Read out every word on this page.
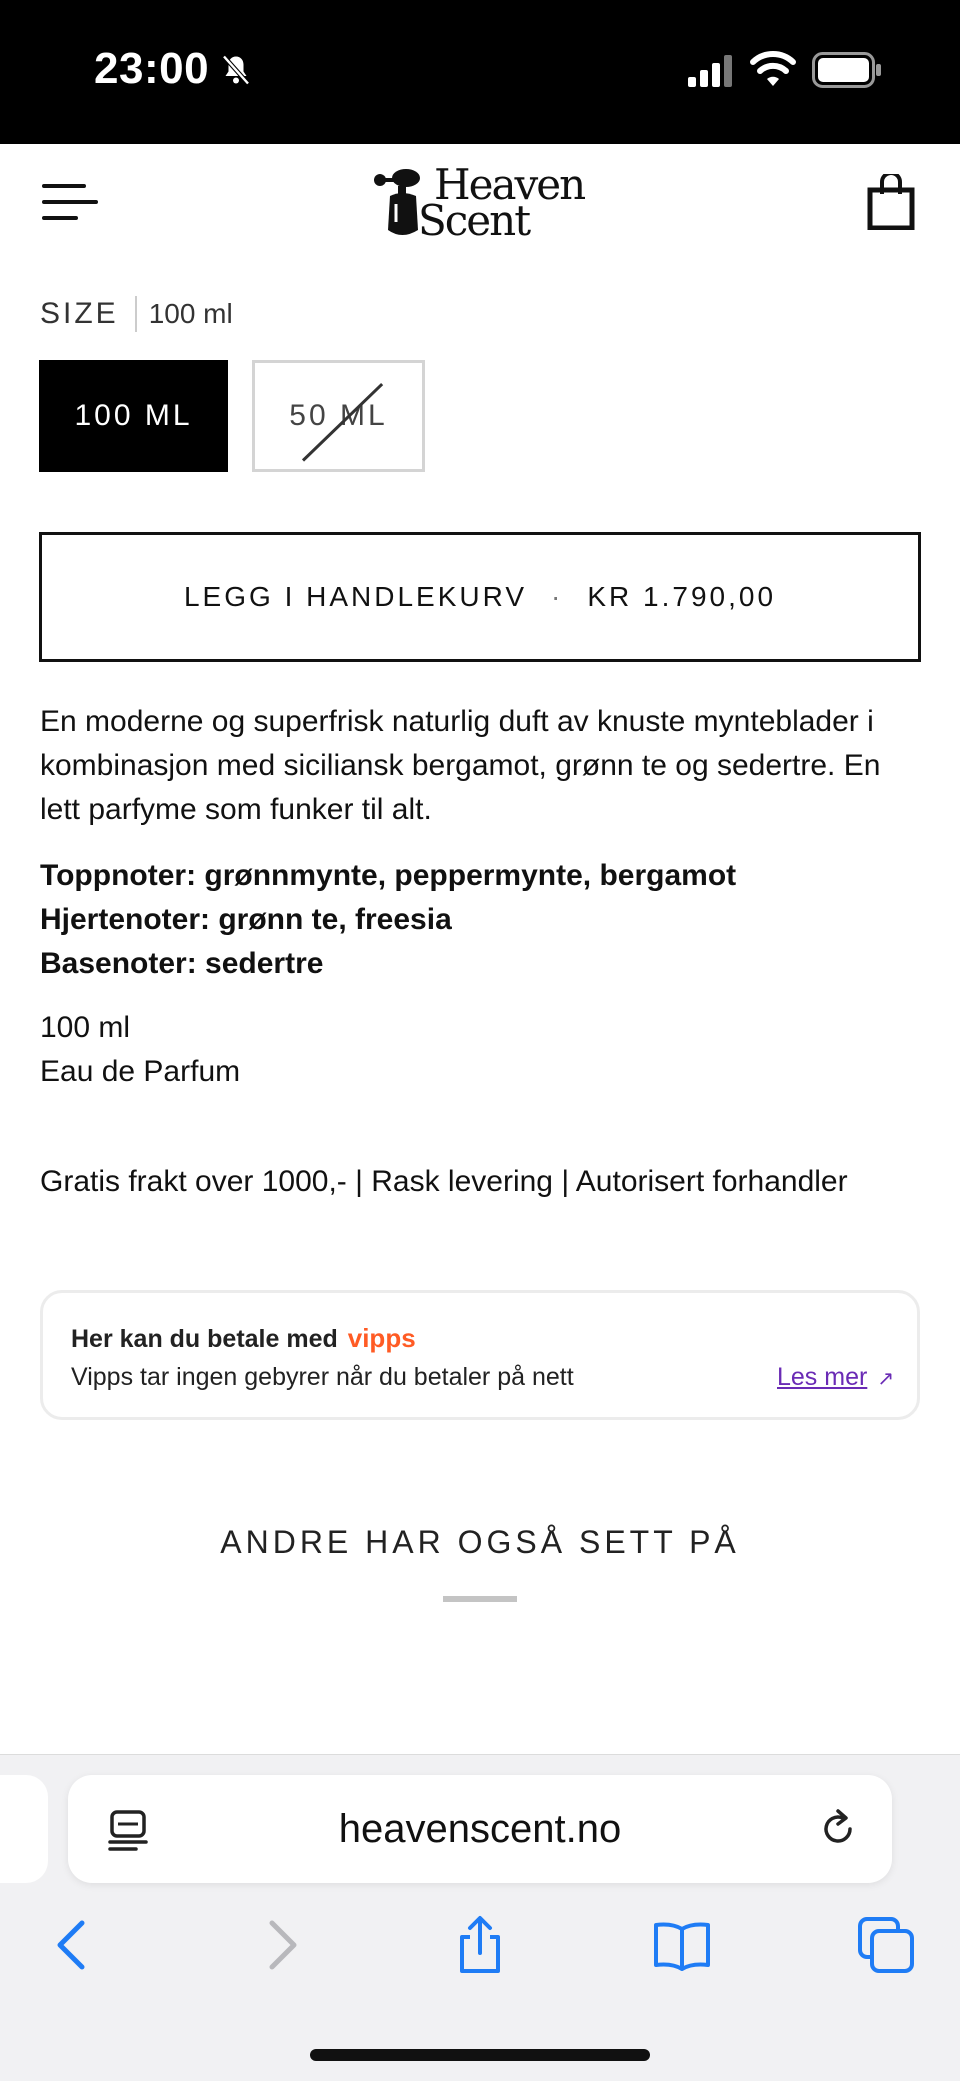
23:00
Heaven
Scent
SIZE 100 ml
100 ML	50 ML
LEGG I HANDLEKURV · KR 1.790,00

En moderne og superfrisk naturlig duft av knuste mynteblader i kombinasjon med siciliansk bergamot, grønn te og sedertre. En lett parfyme som funker til alt.

Toppnoter: grønnmynte, peppermynte, bergamot
Hjertenoter: grønn te, freesia
Basenoter: sedertre
100 ml
Eau de Parfum

Gratis frakt over 1000,- | Rask levering | Autorisert forhandler

Her kan du betale med vipps
Vipps tar ingen gebyrer når du betaler på nett	Les mer ↗
ANDRE HAR OGSÅ SETT PÅ
heavenscent.no
